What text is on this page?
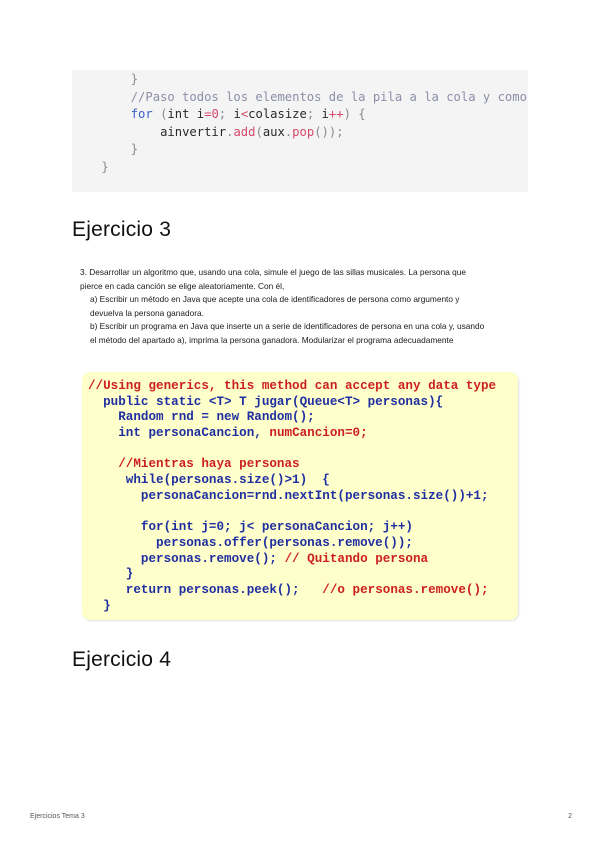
}
//Paso todos los elementos de la pila a la cola y como
for (int i=0; i<colasize; i++) {
ainvertir.add(aux.pop());
}
}
Ejercicio 3
3. Desarrollar un algoritmo que, usando una cola, simule el juego de las sillas musicales. La persona que
pierce en cada canción se elige aleatoriamente. Con él,
a) Escribir un método en Java que acepte una cola de identificadores de persona como argumento y
devuelva la persona ganadora.
b) Escribir un programa en Java que inserte un a serie de identificadores de persona en una cola y, usando
el método del apartado a), imprima la persona ganadora. Modularizar el programa adecuadamente
//Using generics, this method can accept any data type
public static <T> T jugar(Queue<T> personas){
Random rnd = new Random();
int personaCancion, numCancion=0;
//Mientras haya personas
while(personas.size()>1)  {
personaCancion=rnd.nextInt(personas.size())+1;
for(int j=0; j< personaCancion; j++)
personas.offer(personas.remove());
personas.remove(); // Quitando persona
}
return personas.peek();   //o personas.remove();
}
Ejercicio 4
Ejercicios Tema 3	2
